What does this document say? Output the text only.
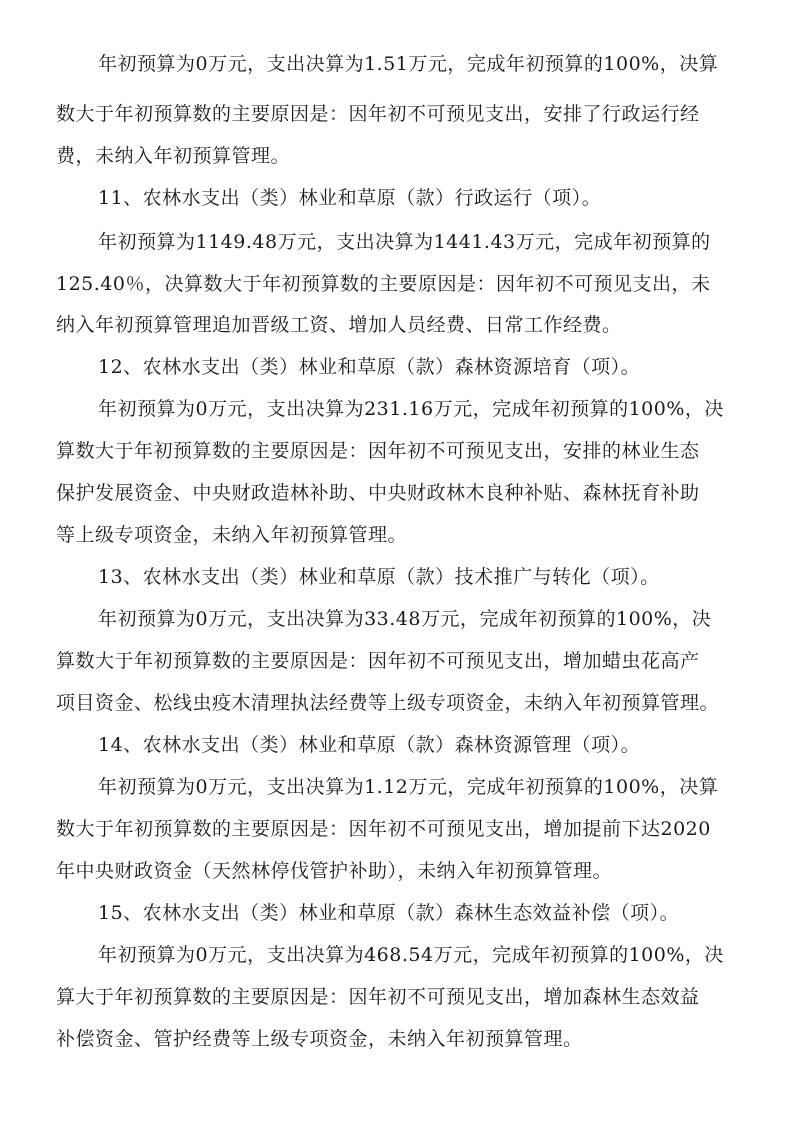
年初预算为0万元，支出决算为1.51万元，完成年初预算的100%，决算
数大于年初预算数的主要原因是：因年初不可预见支出，安排了行政运行经
费，未纳入年初预算管理。
11、农林水支出（类）林业和草原（款）行政运行（项）。
年初预算为1149.48万元，支出决算为1441.43万元，完成年初预算的
125.40％，决算数大于年初预算数的主要原因是：因年初不可预见支出，未
纳入年初预算管理追加晋级工资、增加人员经费、日常工作经费。
12、农林水支出（类）林业和草原（款）森林资源培育（项）。
年初预算为0万元，支出决算为231.16万元，完成年初预算的100%，决
算数大于年初预算数的主要原因是：因年初不可预见支出，安排的林业生态
保护发展资金、中央财政造林补助、中央财政林木良种补贴、森林抚育补助
等上级专项资金，未纳入年初预算管理。
13、农林水支出（类）林业和草原（款）技术推广与转化（项）。
年初预算为0万元，支出决算为33.48万元，完成年初预算的100%，决
算数大于年初预算数的主要原因是：因年初不可预见支出，增加蜡虫花高产
项目资金、松线虫疫木清理执法经费等上级专项资金，未纳入年初预算管理。
14、农林水支出（类）林业和草原（款）森林资源管理（项）。
年初预算为0万元，支出决算为1.12万元，完成年初预算的100%，决算
数大于年初预算数的主要原因是：因年初不可预见支出，增加提前下达2020
年中央财政资金（天然林停伐管护补助），未纳入年初预算管理。
15、农林水支出（类）林业和草原（款）森林生态效益补偿（项）。
年初预算为0万元，支出决算为468.54万元，完成年初预算的100%，决
算大于年初预算数的主要原因是：因年初不可预见支出，增加森林生态效益
补偿资金、管护经费等上级专项资金，未纳入年初预算管理。
